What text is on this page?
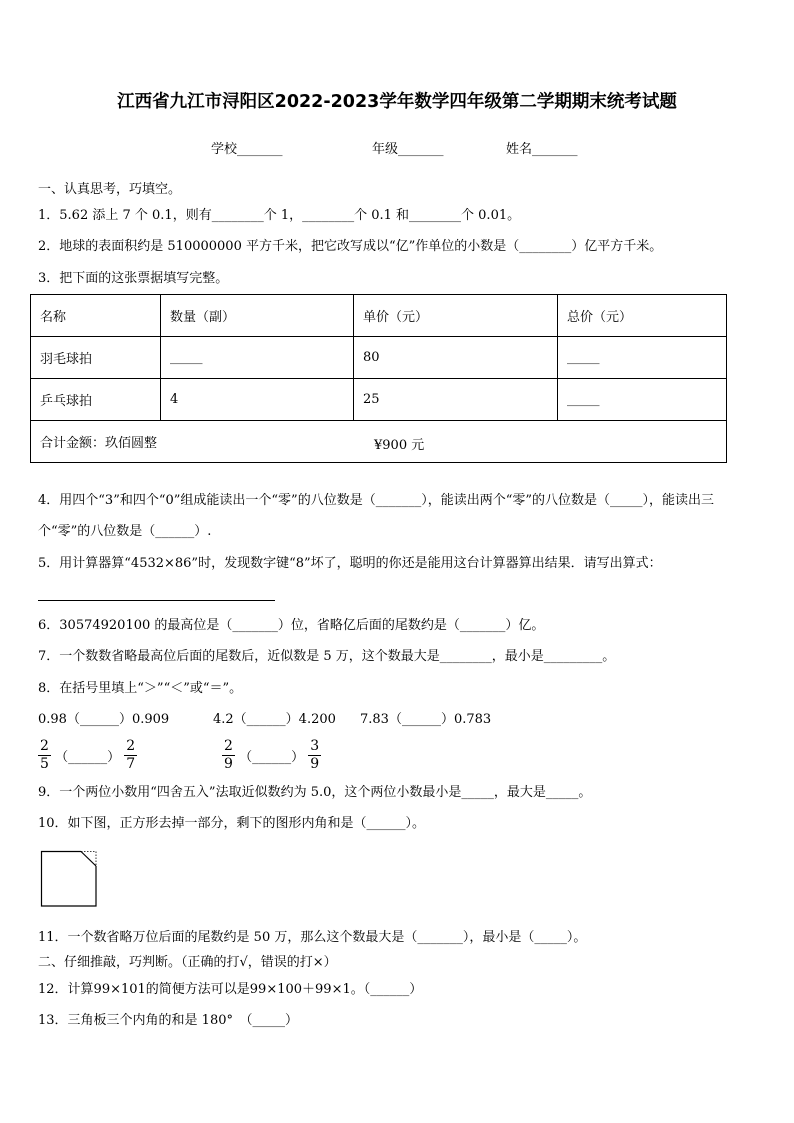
江西省九江市浔阳区2022-2023学年数学四年级第二学期期末统考试题
学校_______	年级_______	姓名_______
一、认真思考，巧填空。
1．5.62 添上 7 个 0.1，则有________个 1，________个 0.1 和________个 0.01。
2．地球的表面积约是 510000000 平方千米，把它改写成以“亿”作单位的小数是（________）亿平方千米。
3．把下面的这张票据填写完整。
名称	数量（副）	单价（元）	总价（元）
羽毛球拍	_____	80	_____
乒乓球拍	4	25	_____
合计金额：玖佰圆整 ¥900 元			
4．用四个“3”和四个“0”组成能读出一个“零”的八位数是（_______），能读出两个“零”的八位数是（_____），能读出三
个“零”的八位数是（______）.
5．用计算器算“4532×86”时，发现数字键“8”坏了，聪明的你还是能用这台计算器算出结果．请写出算式：
6．30574920100 的最高位是（_______）位，省略亿后面的尾数约是（_______）亿。
7．一个数数省略最高位后面的尾数后，近似数是 5 万，这个数最大是________，最小是_________。
8．在括号里填上“＞”“＜”或“＝”。
0.98（______）0.909	4.2（______）4.200 7.83（______）0.783
$\frac{2}{5}$ （______） $\frac{2}{7}$	$\frac{2}{9}$ （______） $\frac{3}{9}$
9．一个两位小数用“四舍五入”法取近似数约为 5.0，这个两位小数最小是_____，最大是_____。
10．如下图，正方形去掉一部分，剩下的图形内角和是（______）。
11．一个数省略万位后面的尾数约是 50 万，那么这个数最大是（_______），最小是（_____）。
二、仔细推敲，巧判断。（正确的打√，错误的打×）
12．计算99×101的简便方法可以是99×100＋99×1。（______）
13．三角板三个内角的和是 180°　（_____）
